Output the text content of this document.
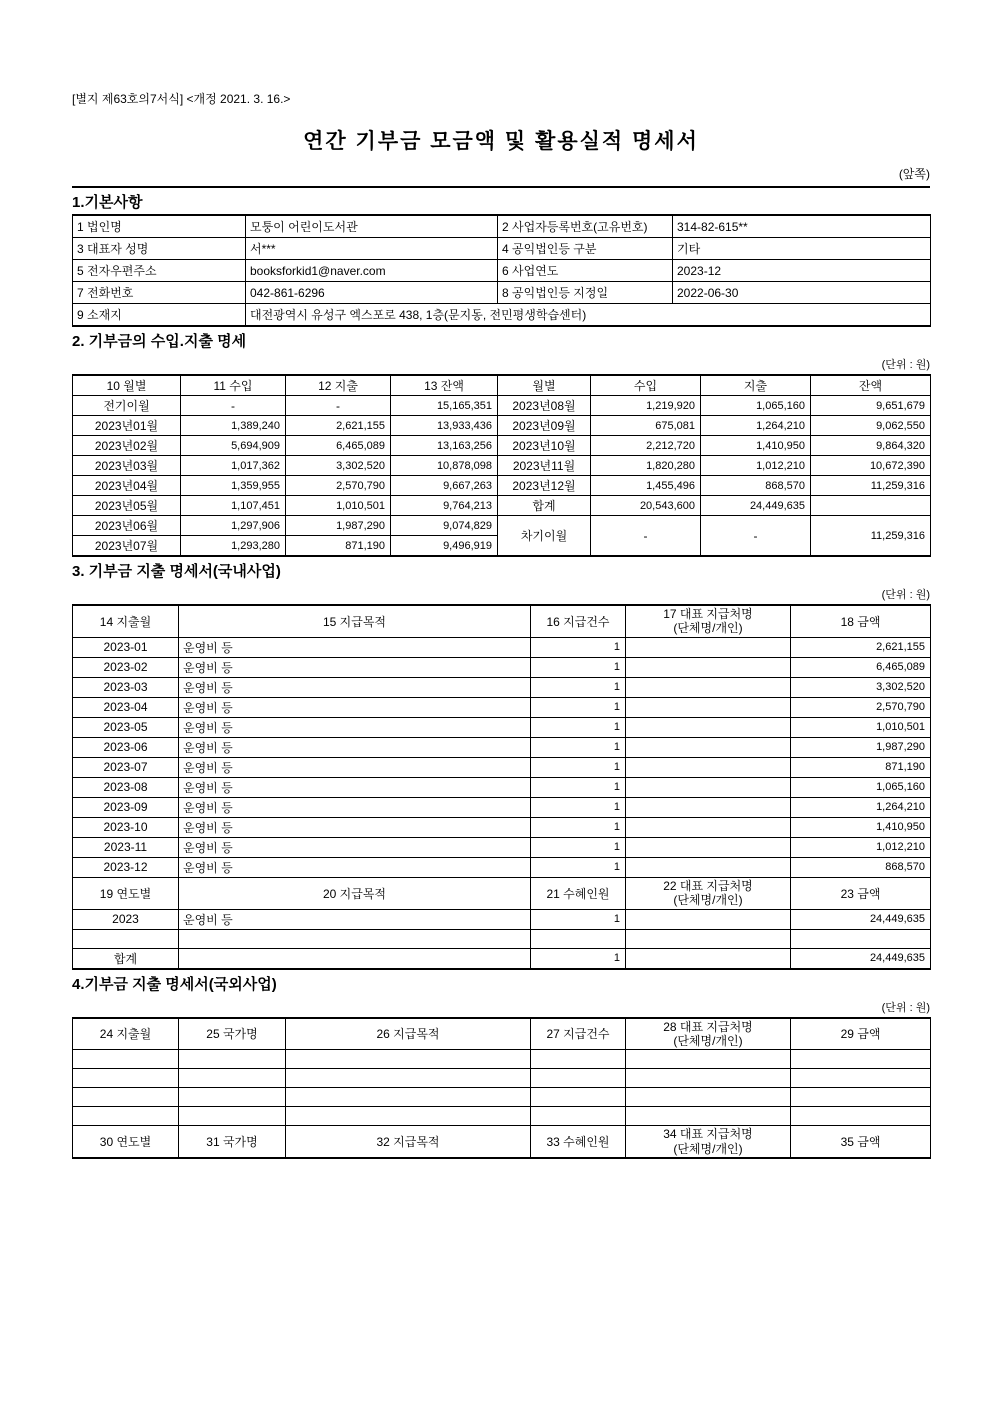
[별지 제63호의7서식] <개정 2021. 3. 16.>
연간 기부금 모금액 및 활용실적 명세서
(앞쪽)
1.기본사항
1 법인명	모퉁이 어린이도서관	2 사업자등록번호(고유번호)	314-82-615**
3 대표자 성명	서***	4 공익법인등 구분	기타
5 전자우편주소	booksforkid1@naver.com	6 사업연도	2023-12
7 전화번호	042-861-6296	8 공익법인등 지정일	2022-06-30
9 소재지	대전광역시 유성구 엑스포로 438, 1층(문지동, 전민평생학습센터)		
2. 기부금의 수입.지출 명세
(단위 : 원)
10 월별	11 수입	12 지출	13 잔액	월별	수입	지출	잔액
전기이월	-	-	15,165,351	2023년08월	1,219,920	1,065,160	9,651,679
2023년01월	1,389,240	2,621,155	13,933,436	2023년09월	675,081	1,264,210	9,062,550
2023년02월	5,694,909	6,465,089	13,163,256	2023년10월	2,212,720	1,410,950	9,864,320
2023년03월	1,017,362	3,302,520	10,878,098	2023년11월	1,820,280	1,012,210	10,672,390
2023년04월	1,359,955	2,570,790	9,667,263	2023년12월	1,455,496	868,570	11,259,316
2023년05월	1,107,451	1,010,501	9,764,213	합계	20,543,600	24,449,635	
2023년06월	1,297,906	1,987,290	9,074,829	차기이월	-	-	11,259,316
2023년07월	1,293,280	871,190	9,496,919				
3. 기부금 지출 명세서(국내사업)
(단위 : 원)
14 지출월	15 지급목적	16 지급건수	17 대표 지급처명
(단체명/개인)	18 금액
2023-01	운영비 등	1		2,621,155
2023-02	운영비 등	1		6,465,089
2023-03	운영비 등	1		3,302,520
2023-04	운영비 등	1		2,570,790
2023-05	운영비 등	1		1,010,501
2023-06	운영비 등	1		1,987,290
2023-07	운영비 등	1		871,190
2023-08	운영비 등	1		1,065,160
2023-09	운영비 등	1		1,264,210
2023-10	운영비 등	1		1,410,950
2023-11	운영비 등	1		1,012,210
2023-12	운영비 등	1		868,570
19 연도별	20 지급목적	21 수혜인원	22 대표 지급처명
(단체명/개인)	23 금액
2023	운영비 등	1		24,449,635

합계		1		24,449,635
4.기부금 지출 명세서(국외사업)
(단위 : 원)
24 지출월	25 국가명	26 지급목적	27 지급건수	28 대표 지급처명
(단체명/개인)	29 금액

30 연도별	31 국가명	32 지급목적	33 수혜인원	34 대표 지급처명
(단체명/개인)	35 금액
